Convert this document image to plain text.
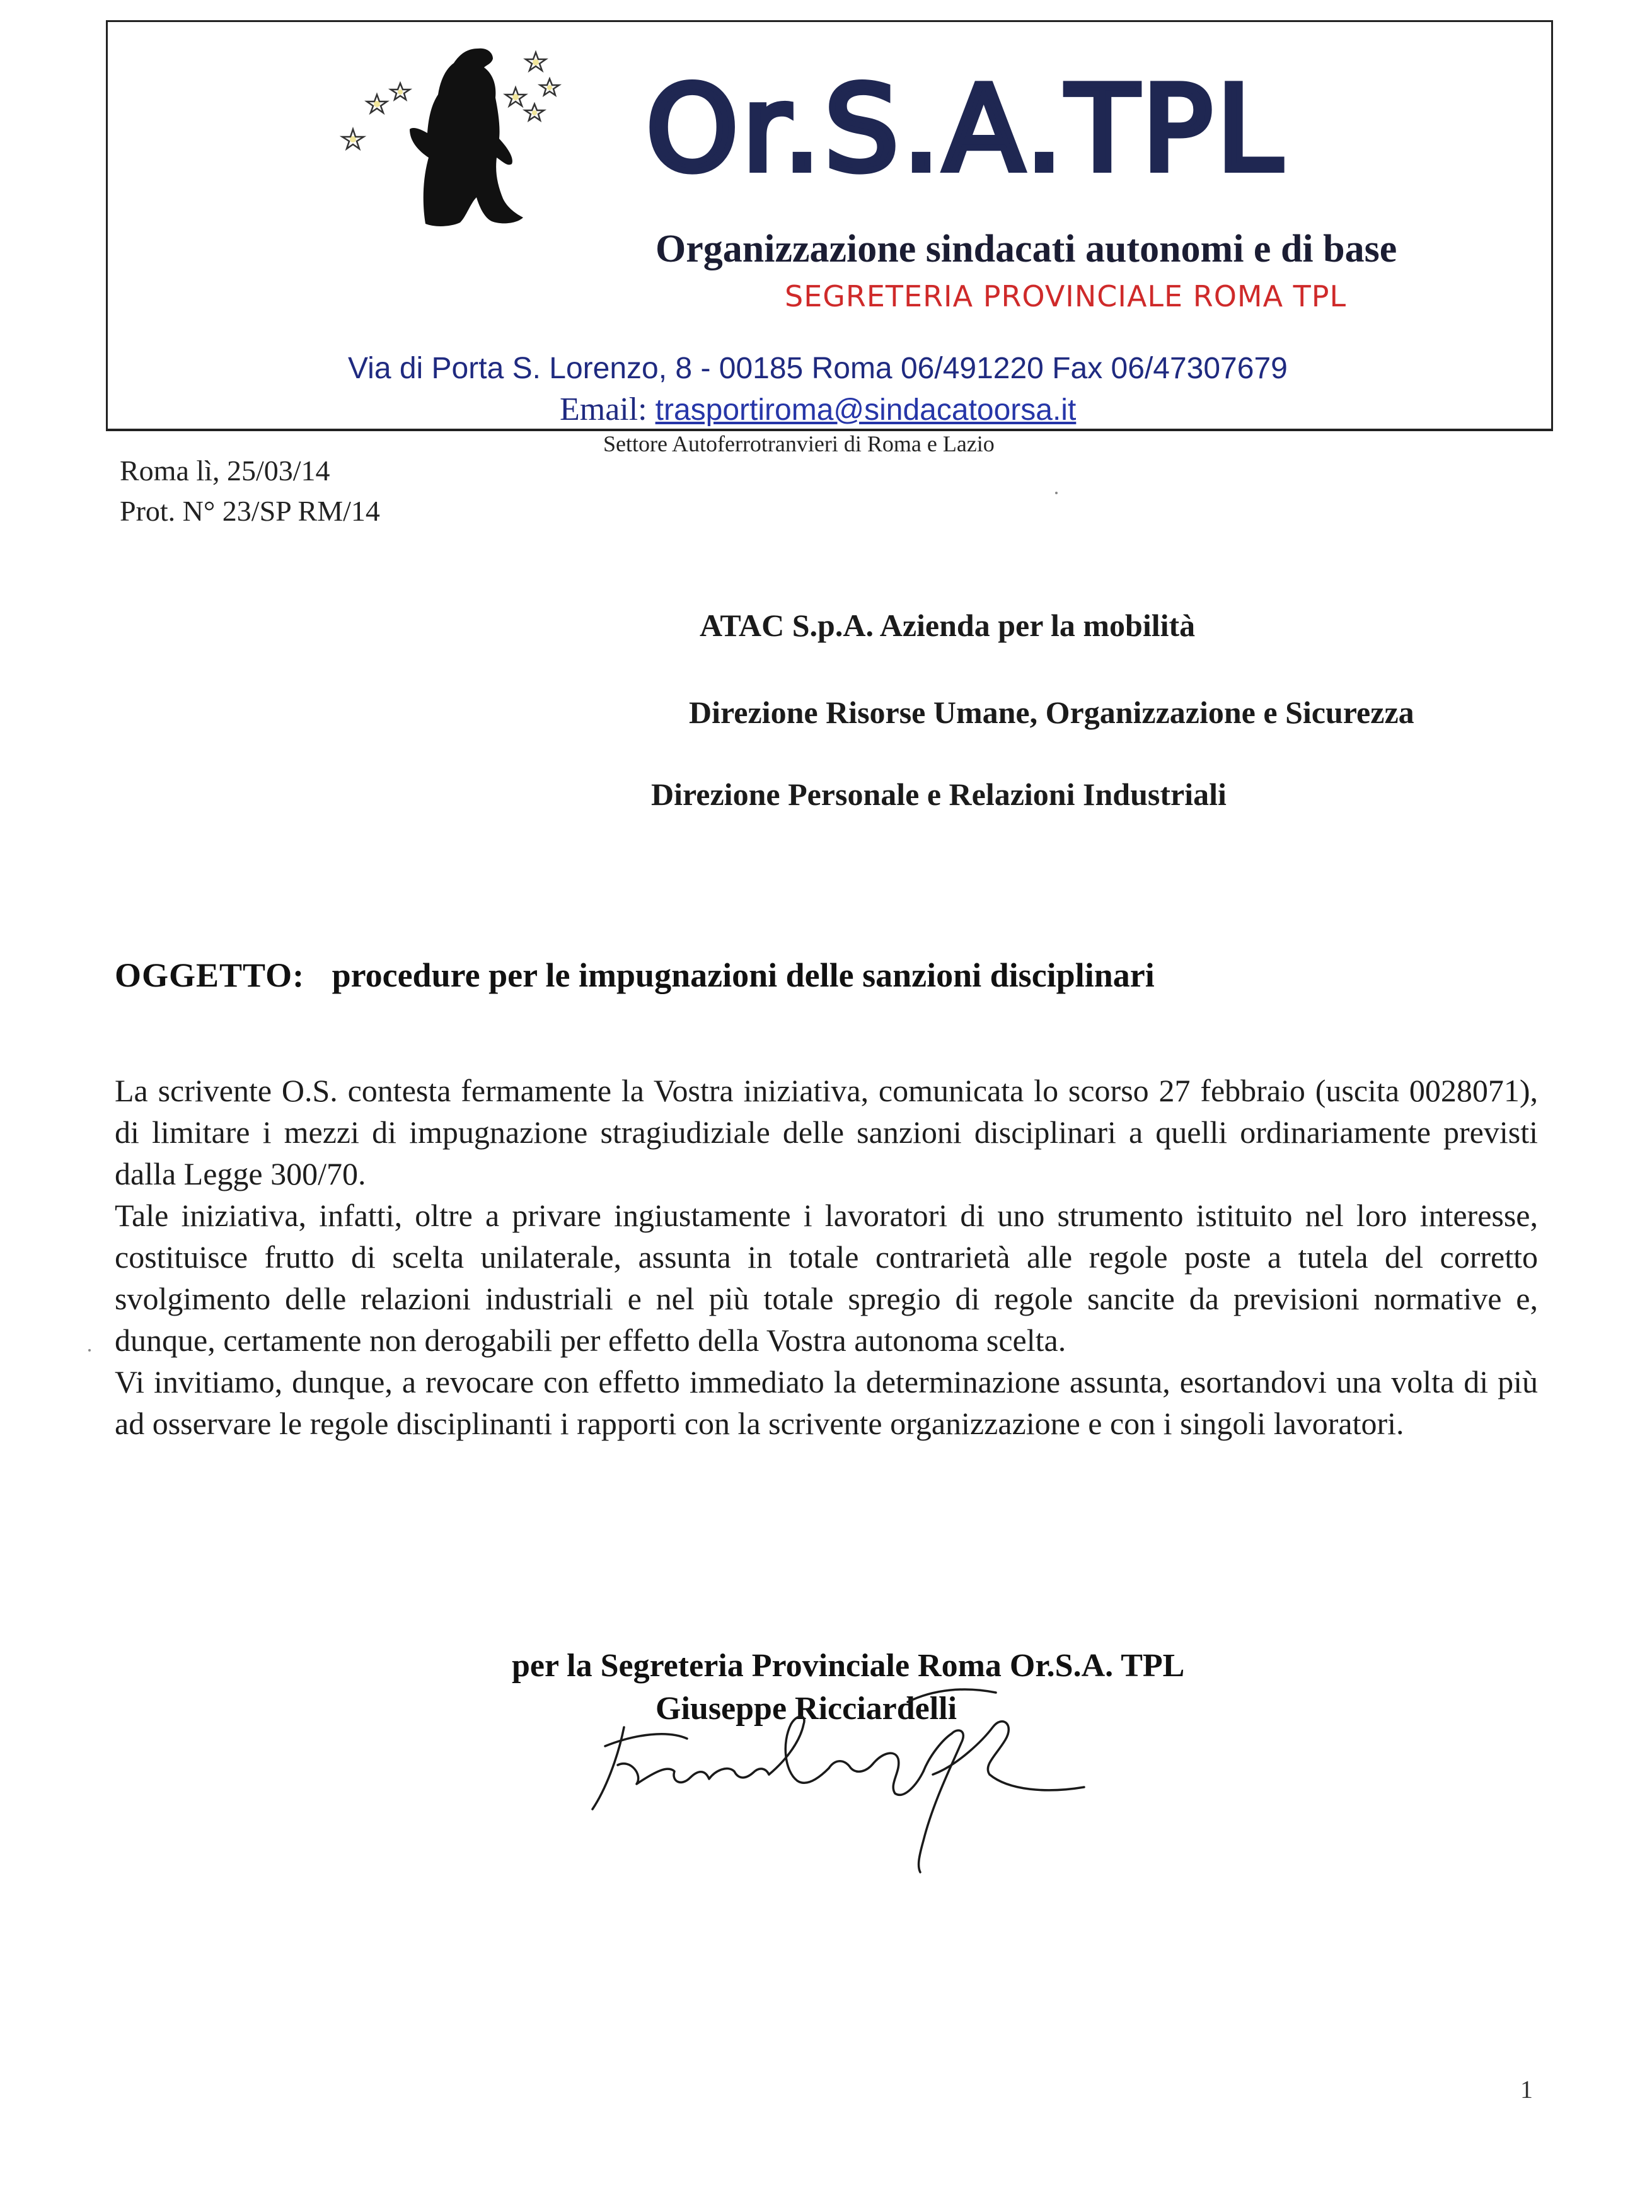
Or.S.A.TPL
Organizzazione sindacati autonomi e di base
SEGRETERIA PROVINCIALE ROMA TPL
Via di Porta S. Lorenzo, 8 - 00185 Roma 06/491220 Fax 06/47307679
Email: trasportiroma@sindacatoorsa.it
Settore Autoferrotranvieri di Roma e Lazio
Roma lì, 25/03/14
Prot. N° 23/SP RM/14
ATAC S.p.A. Azienda per la mobilità
Direzione Risorse Umane, Organizzazione e Sicurezza
Direzione Personale e Relazioni Industriali
OGGETTO: procedure per le impugnazioni delle sanzioni disciplinari

La scrivente O.S. contesta fermamente la Vostra iniziativa, comunicata lo scorso 27 febbraio (uscita 0028071), di limitare i mezzi di impugnazione stragiudiziale delle sanzioni disciplinari a quelli ordinariamente previsti dalla Legge 300/70.

Tale iniziativa, infatti, oltre a privare ingiustamente i lavoratori di uno strumento istituito nel loro interesse, costituisce frutto di scelta unilaterale, assunta in totale contrarietà alle regole poste a tutela del corretto svolgimento delle relazioni industriali e nel più totale spregio di regole sancite da previsioni normative e, dunque, certamente non derogabili per effetto della Vostra autonoma scelta.

Vi invitiamo, dunque, a revocare con effetto immediato la determinazione assunta, esortandovi una volta di più ad osservare le regole disciplinanti i rapporti con la scrivente organizzazione e con i singoli lavoratori.

per la Segreteria Provinciale Roma Or.S.A. TPL
Giuseppe Ricciardelli
1
